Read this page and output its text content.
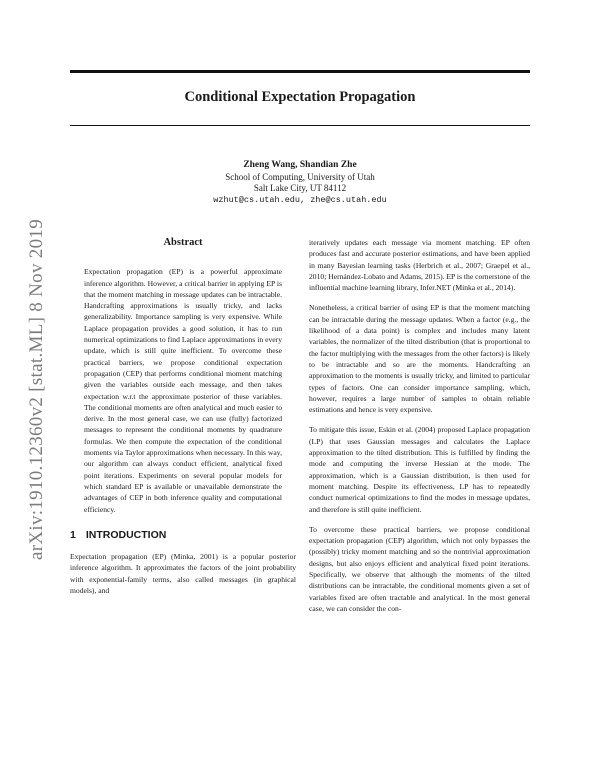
Conditional Expectation Propagation
arXiv:1910.12360v2 [stat.ML] 8 Nov 2019
Zheng Wang, Shandian Zhe
School of Computing, University of Utah
Salt Lake City, UT 84112
wzhut@cs.utah.edu, zhe@cs.utah.edu
Abstract

Expectation propagation (EP) is a powerful approximate inference algorithm. However, a critical barrier in applying EP is that the moment matching in message updates can be intractable. Handcrafting approximations is usually tricky, and lacks generalizability. Importance sampling is very expensive. While Laplace propagation provides a good solution, it has to run numerical optimizations to find Laplace approximations in every update, which is still quite inefficient. To overcome these practical barriers, we propose conditional expectation propagation (CEP) that performs conditional moment matching given the variables outside each message, and then takes expectation w.r.t the approximate posterior of these variables. The conditional moments are often analytical and much easier to derive. In the most general case, we can use (fully) factorized messages to represent the conditional moments by quadrature formulas. We then compute the expectation of the conditional moments via Taylor approximations when necessary. In this way, our algorithm can always conduct efficient, analytical fixed point iterations. Experiments on several popular models for which standard EP is available or unavailable demonstrate the advantages of CEP in both inference quality and computational efficiency.

1 INTRODUCTION

Expectation propagation (EP) (Minka, 2001) is a popular posterior inference algorithm. It approximates the factors of the joint probability with exponential-family terms, also called messages (in graphical models), and

iteratively updates each message via moment matching. EP often produces fast and accurate posterior estimations, and have been applied in many Bayesian learning tasks (Herbrich et al., 2007; Graepel et al., 2010; Hernández-Lobato and Adams, 2015). EP is the cornerstone of the influential machine learning library, Infer.NET (Minka et al., 2014).

Nonetheless, a critical barrier of using EP is that the moment matching can be intractable during the message updates. When a factor (e.g., the likelihood of a data point) is complex and includes many latent variables, the normalizer of the tilted distribution (that is proportional to the factor multiplying with the messages from the other factors) is likely to be intractable and so are the moments. Handcrafting an approximation to the moments is usually tricky, and limited to particular types of factors. One can consider importance sampling, which, however, requires a large number of samples to obtain reliable estimations and hence is very expensive.

To mitigate this issue, Eskin et al. (2004) proposed Laplace propagation (LP) that uses Gaussian messages and calculates the Laplace approximation to the tilted distribution. This is fulfilled by finding the mode and computing the inverse Hessian at the mode. The approximation, which is a Gaussian distribution, is then used for moment matching. Despite its effectiveness, LP has to repeatedly conduct numerical optimizations to find the modes in message updates, and therefore is still quite inefficient.

To overcome these practical barriers, we propose conditional expectation propagation (CEP) algorithm, which not only bypasses the (possibly) tricky moment matching and so the nontrivial approximation designs, but also enjoys efficient and analytical fixed point iterations. Specifically, we observe that although the moments of the tilted distributions can be intractable, the conditional moments given a set of variables fixed are often tractable and analytical. In the most general case, we can consider the con-
